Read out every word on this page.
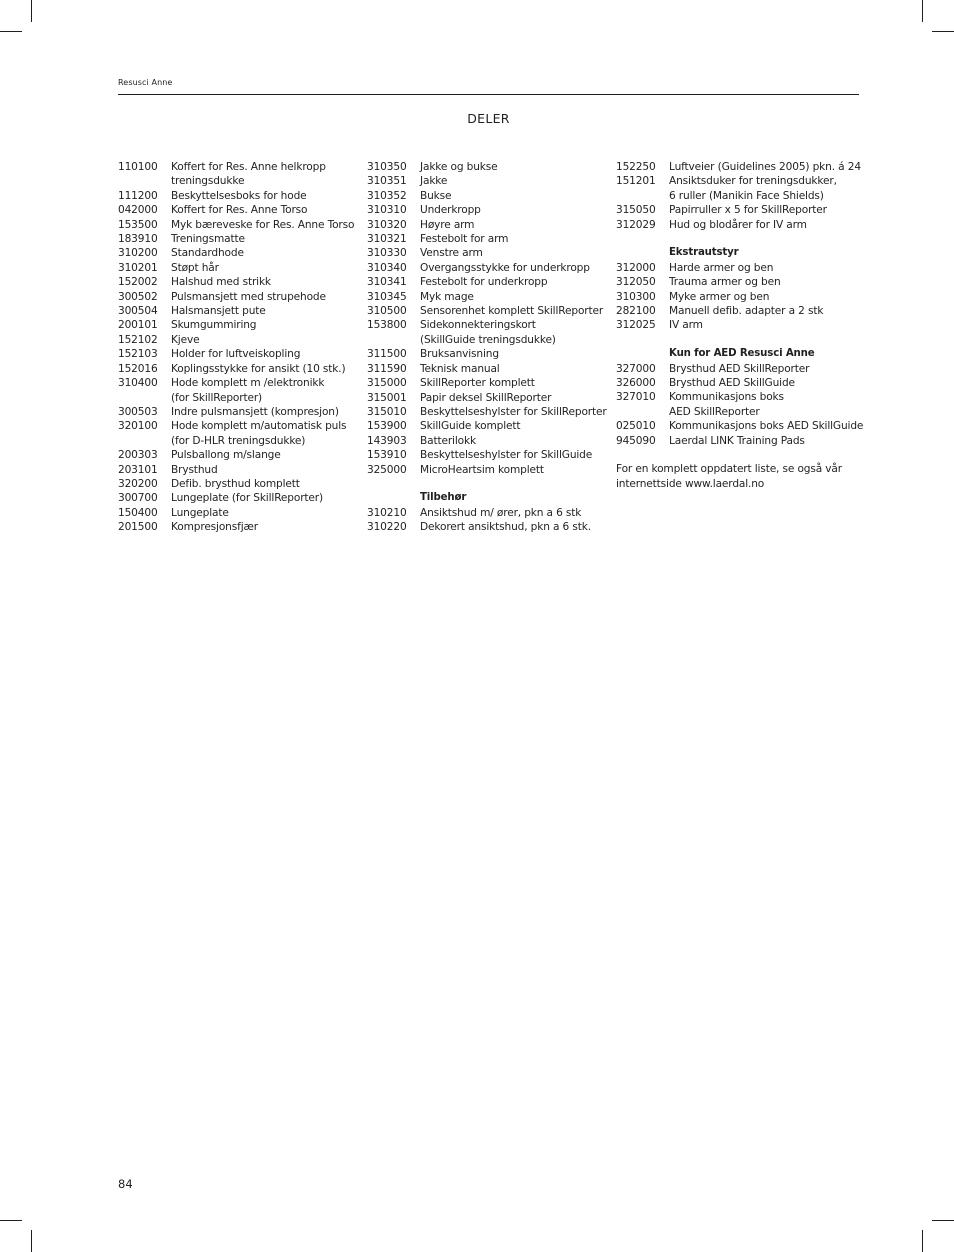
Resusci Anne
DELER
110100	Koffert for Res. Anne helkropp
treningsdukke
111200	Beskyttelsesboks for hode
042000	Koffert for Res. Anne Torso
153500	Myk bæreveske for Res. Anne Torso
183910	Treningsmatte
310200	Standardhode
310201	Støpt hår
152002	Halshud med strikk
300502	Pulsmansjett med strupehode
300504	Halsmansjett pute
200101	Skumgummiring
152102	Kjeve
152103	Holder for luftveiskopling
152016	Koplingsstykke for ansikt (10 stk.)
310400	Hode komplett m /elektronikk
(for SkillReporter)
300503	Indre pulsmansjett (kompresjon)
320100	Hode komplett m/automatisk puls
(for D-HLR treningsdukke)
200303	Pulsballong m/slange
203101	Brysthud
320200	Defib. brysthud komplett
300700	Lungeplate (for SkillReporter)
150400	Lungeplate
201500	Kompresjonsfjær
310350	Jakke og bukse
310351	Jakke
310352	Bukse
310310	Underkropp
310320	Høyre arm
310321	Festebolt for arm
310330	Venstre arm
310340	Overgangsstykke for underkropp
310341	Festebolt for underkropp
310345	Myk mage
310500	Sensorenhet komplett SkillReporter
153800	Sidekonnekteringskort
(SkillGuide treningsdukke)
311500	Bruksanvisning
311590	Teknisk manual
315000	SkillReporter komplett
315001	Papir deksel SkillReporter
315010	Beskyttelseshylster for SkillReporter
153900	SkillGuide komplett
143903	Batterilokk
153910	Beskyttelseshylster for SkillGuide
325000	MicroHeartsim komplett
Tilbehør
310210	Ansiktshud m/ ører, pkn a 6 stk
310220	Dekorert ansiktshud, pkn a 6 stk.
152250	Luftveier (Guidelines 2005) pkn. á 24
151201	Ansiktsduker for treningsdukker,
6 ruller (Manikin Face Shields)
315050	Papirruller x 5 for SkillReporter
312029	Hud og blodårer for IV arm
Ekstrautstyr
312000	Harde armer og ben
312050	Trauma armer og ben
310300	Myke armer og ben
282100	Manuell defib. adapter a 2 stk
312025	IV arm
Kun for AED Resusci Anne
327000	Brysthud AED SkillReporter
326000	Brysthud AED SkillGuide
327010	Kommunikasjons boks
AED SkillReporter
025010	Kommunikasjons boks AED SkillGuide
945090	Laerdal LINK Training Pads
For en komplett oppdatert liste, se også vår
internettside www.laerdal.no
84
